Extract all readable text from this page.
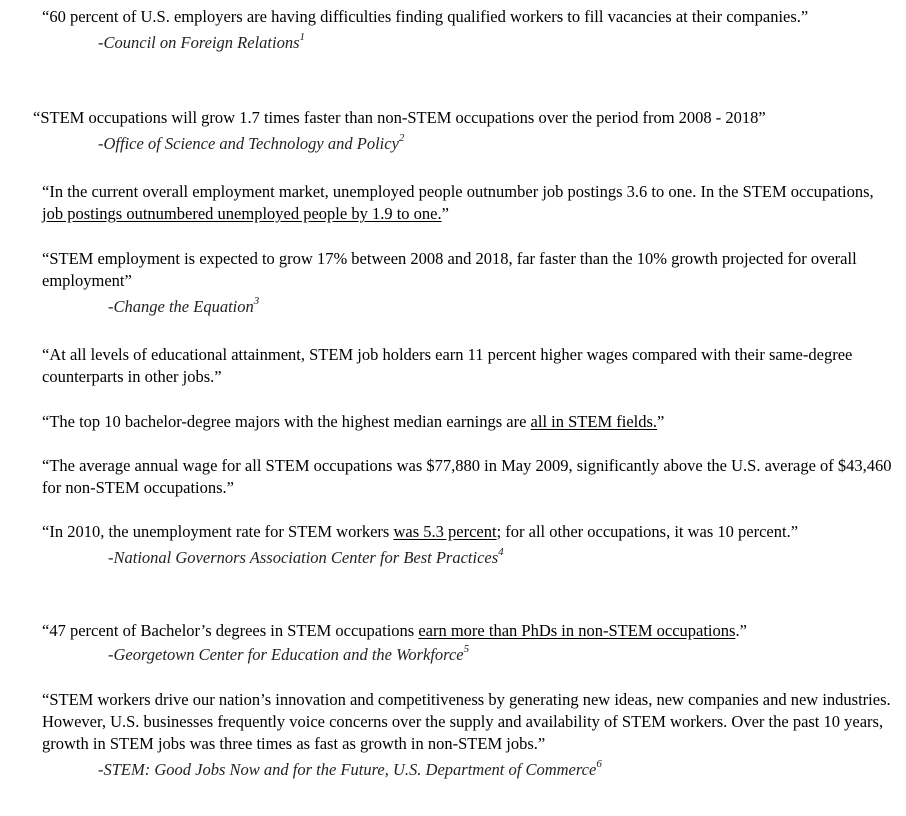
“60 percent of U.S. employers are having difficulties finding qualified workers to fill vacancies at their companies.”

-Council on Foreign Relations$^1$

“STEM occupations will grow 1.7 times faster than non-STEM occupations over the period from 2008 - 2018”

-Office of Science and Technology and Policy$^2$

“In the current overall employment market, unemployed people outnumber job postings 3.6 to one. In the STEM occupations, job postings outnumbered unemployed people by 1.9 to one.”

“STEM employment is expected to grow 17% between 2008 and 2018, far faster than the 10% growth projected for overall employment”

-Change the Equation$^3$

“At all levels of educational attainment, STEM job holders earn 11 percent higher wages compared with their same-degree counterparts in other jobs.”

“The top 10 bachelor-degree majors with the highest median earnings are all in STEM fields.”

“The average annual wage for all STEM occupations was $77,880 in May 2009, significantly above the U.S. average of $43,460 for non-STEM occupations.”

“In 2010, the unemployment rate for STEM workers was 5.3 percent; for all other occupations, it was 10 percent.”

-National Governors Association Center for Best Practices$^4$

“47 percent of Bachelor’s degrees in STEM occupations earn more than PhDs in non-STEM occupations.”

-Georgetown Center for Education and the Workforce$^5$

“STEM workers drive our nation’s innovation and competitiveness by generating new ideas, new companies and new industries. However, U.S. businesses frequently voice concerns over the supply and availability of STEM workers. Over the past 10 years, growth in STEM jobs was three times as fast as growth in non-STEM jobs.”

-STEM: Good Jobs Now and for the Future, U.S. Department of Commerce$^6$
